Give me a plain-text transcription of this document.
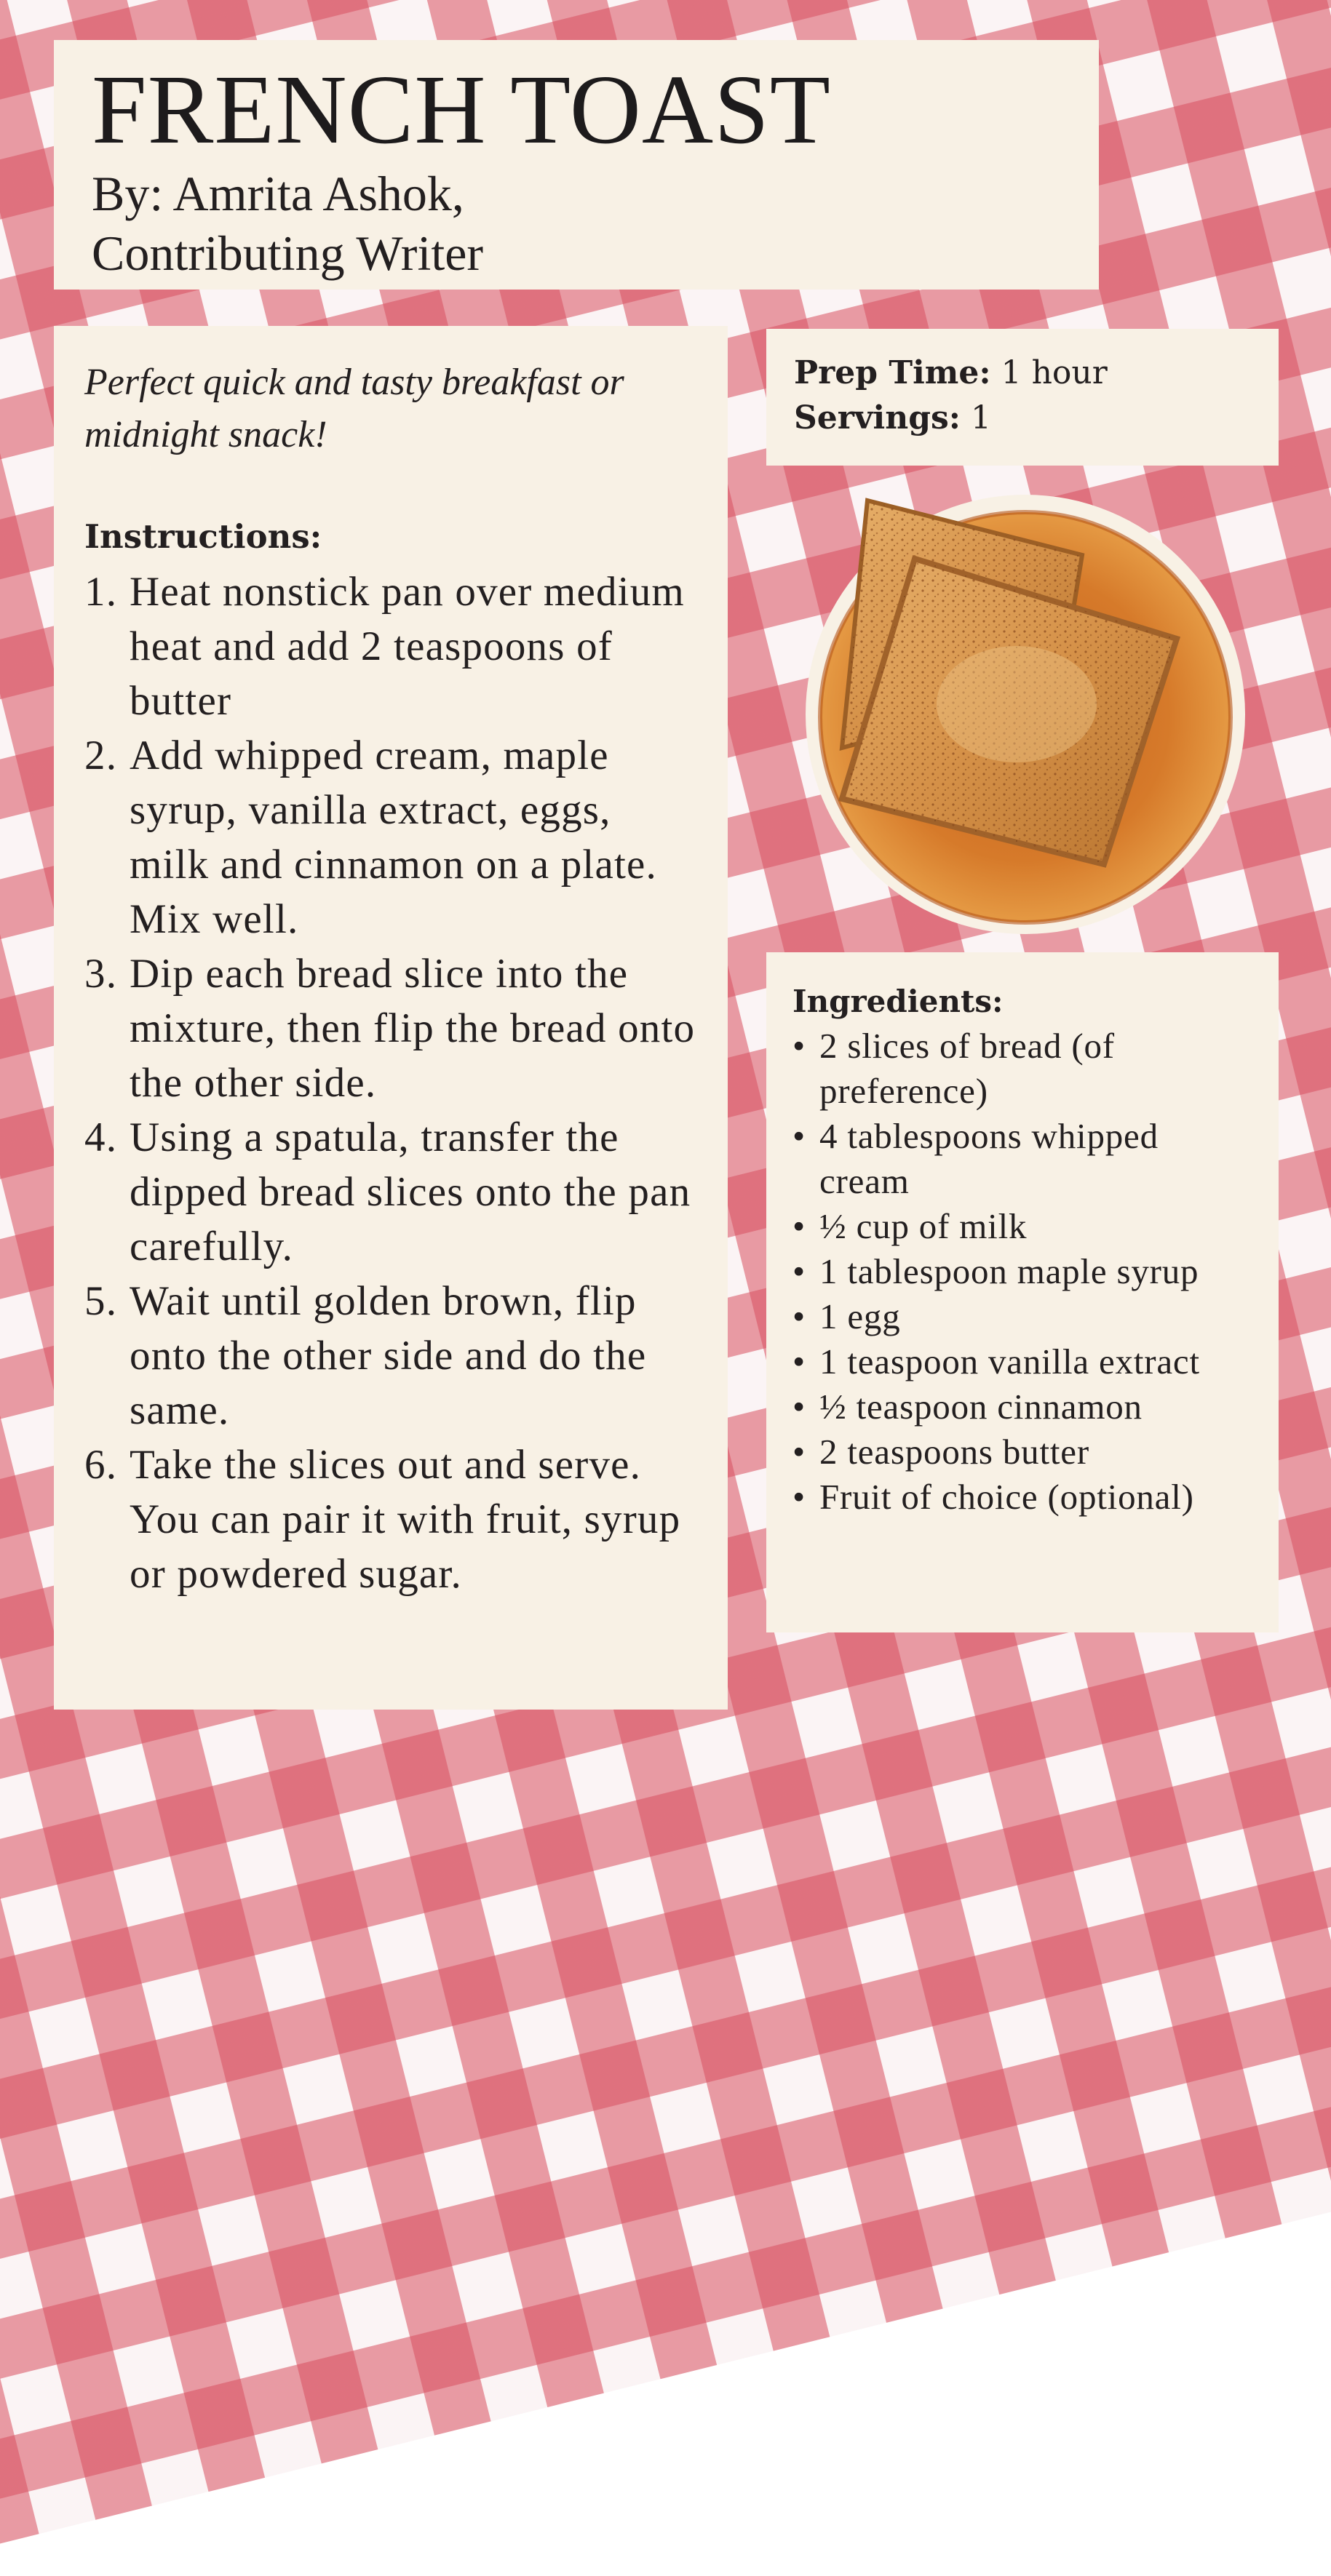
FRENCH TOAST
By: Amrita Ashok,
Contributing Writer

Perfect quick and tasty breakfast or midnight snack!

Instructions:
1. Heat nonstick pan over medium heat and add 2 teaspoons of butter
2. Add whipped cream, maple syrup, vanilla extract, eggs, milk and cinnamon on a plate. Mix well.
3. Dip each bread slice into the mixture, then flip the bread onto the other side.
4. Using a spatula, transfer the dipped bread slices onto the pan carefully.
5. Wait until golden brown, flip onto the other side and do the same.
6. Take the slices out and serve. You can pair it with fruit, syrup or powdered sugar.
Prep Time: 1 hour
Servings: 1
Ingredients:
• 2 slices of bread (of preference)
• 4 tablespoons whipped cream
• ½ cup of milk
• 1 tablespoon maple syrup
• 1 egg
• 1 teaspoon vanilla extract
• ½ teaspoon cinnamon
• 2 teaspoons butter
• Fruit of choice (optional)
